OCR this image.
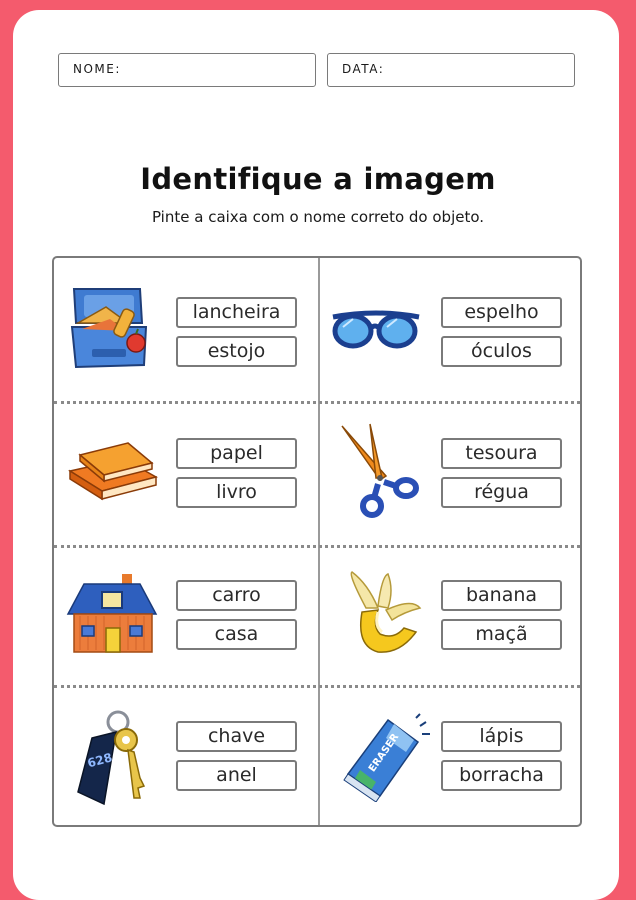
NOME:	DATA:
Identifique a imagem
Pinte a caixa com o nome correto do objeto.
628	ERASER
lancheira
estojo
espelho
óculos
papel
livro
tesoura
régua
carro
casa
banana
maçã
chave
anel
lápis
borracha
